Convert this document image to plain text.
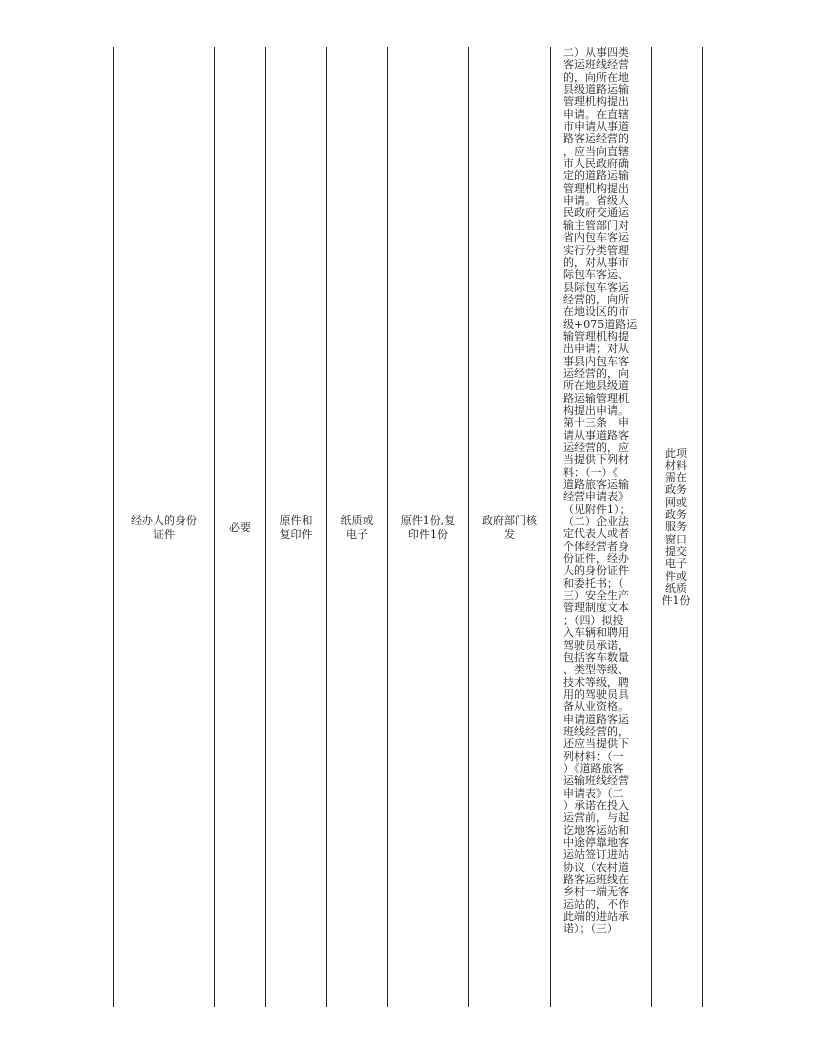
经办人的身份
证件
必要
原件和
复印件
纸质或
电子
原件1份,复
印件1份
政府部门核
发
二）从事四类
客运班线经营
的，向所在地
县级道路运输
管理机构提出
申请。在直辖
市申请从事道
路客运经营的
，应当向直辖
市人民政府确
定的道路运输
管理机构提出
申请。省级人
民政府交通运
输主管部门对
省内包车客运
实行分类管理
的，对从事市
际包车客运、
县际包车客运
经营的，向所
在地设区的市
级+075道路运
输管理机构提
出申请；对从
事县内包车客
运经营的，向
所在地县级道
路运输管理机
构提出申请。
第十三条　申
请从事道路客
运经营的，应
当提供下列材
料：（一）《
道路旅客运输
经营申请表》
（见附件1）；
（二）企业法
定代表人或者
个体经营者身
份证件，经办
人的身份证件
和委托书；（
三）安全生产
管理制度文本
；（四）拟投
入车辆和聘用
驾驶员承诺，
包括客车数量
、类型等级、
技术等级，聘
用的驾驶员具
备从业资格。
申请道路客运
班线经营的，
还应当提供下
列材料：（一
）《道路旅客
运输班线经营
申请表》（二
）承诺在投入
运营前，与起
讫地客运站和
中途停靠地客
运站签订进站
协议（农村道
路客运班线在
乡村一端无客
运站的，不作
此端的进站承
诺）；（三）
此项
材料
需在
政务
网或
政务
服务
窗口
提交
电子
件或
纸质
件1份
